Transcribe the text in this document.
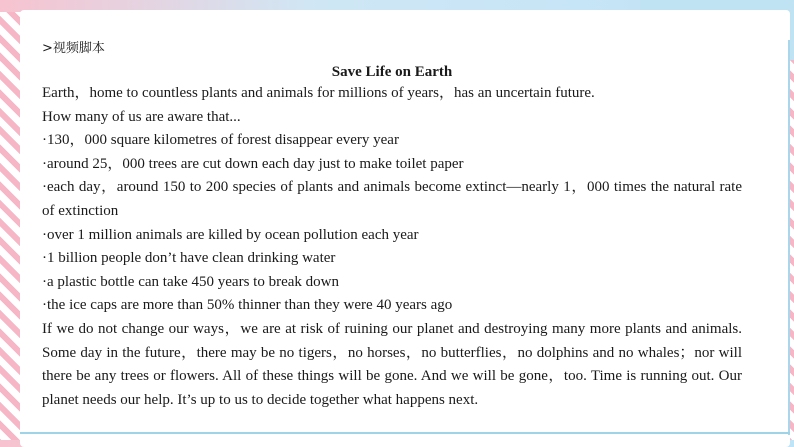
>视频脚本

Save Life on Earth

Earth，home to countless plants and animals for millions of years，has an uncertain future.

How many of us are aware that...

·130，000 square kilometres of forest disappear every year

·around 25，000 trees are cut down each day just to make toilet paper

·each day，around 150 to 200 species of plants and animals become extinct—nearly 1，000 times the natural rate of extinction

·over 1 million animals are killed by ocean pollution each year

·1 billion people don’t have clean drinking water

·a plastic bottle can take 450 years to break down

·the ice caps are more than 50% thinner than they were 40 years ago

If we do not change our ways，we are at risk of ruining our planet and destroying many more plants and animals. Some day in the future，there may be no tigers，no horses，no butterflies，no dolphins and no whales；nor will there be any trees or flowers. All of these things will be gone. And we will be gone，too. Time is running out. Our planet needs our help. It’s up to us to decide together what happens next.
